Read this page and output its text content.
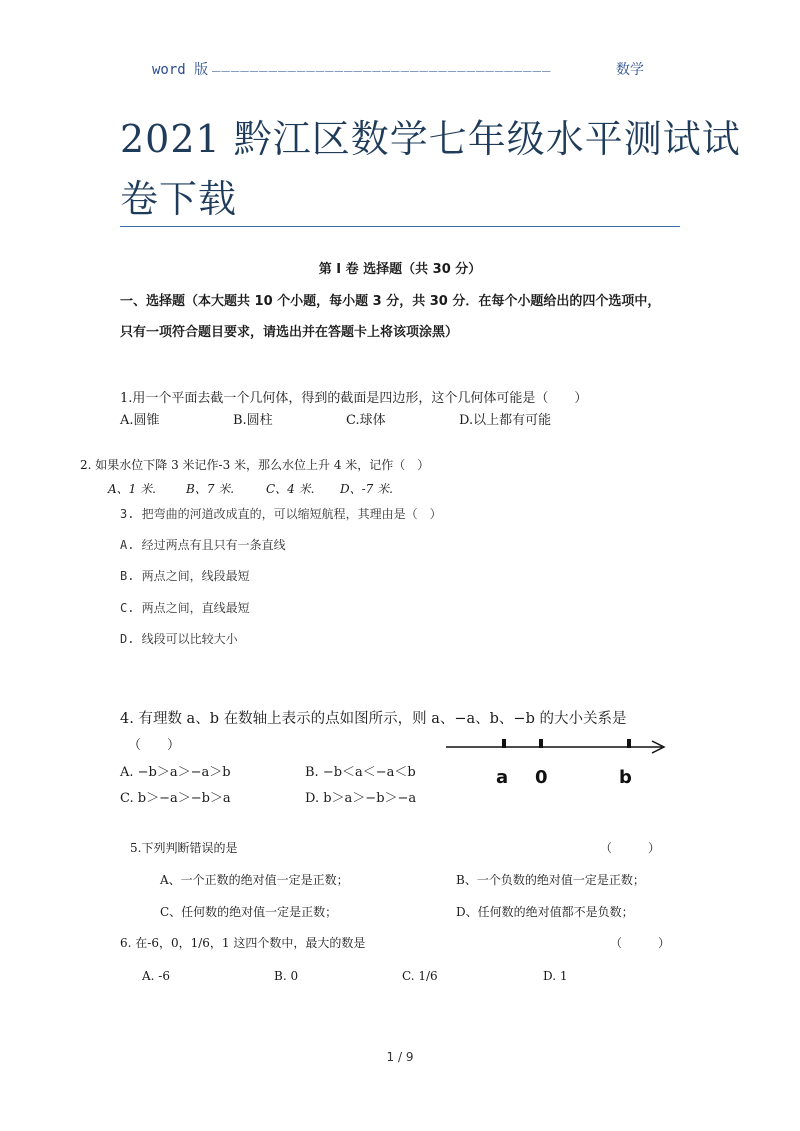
word 版 ____________________________________	数学
2021 黔江区数学七年级水平测试试
卷下载
第 I 卷 选择题（共 30 分）
一、选择题（本大题共 10 个小题，每小题 3 分，共 30 分．在每个小题给出的四个选项中，
只有一项符合题目要求，请选出并在答题卡上将该项涂黑）
1.用一个平面去截一个几何体，得到的截面是四边形，这个几何体可能是（　　）
A.圆锥	B.圆柱	C.球体	D.以上都有可能
2. 如果水位下降 3 米记作-3 米，那么水位上升 4 米，记作（　）
A、1 米.	B、7 米.	C、4 米. D、-7 米.
3. 把弯曲的河道改成直的，可以缩短航程，其理由是（　）
A. 经过两点有且只有一条直线
B. 两点之间，线段最短
C. 两点之间，直线最短
D. 线段可以比较大小
4. 有理数 a、b 在数轴上表示的点如图所示，则 a、−a、b、−b 的大小关系是
（　　）
A. −b＞a＞−a＞b	B. −b＜a＜−a＜b
C. b＞−a＞−b＞a	D. b＞a＞−b＞−a
a 0	b
5.下列判断错误的是	（　　　）
A、一个正数的绝对值一定是正数；	B、一个负数的绝对值一定是正数；
C、任何数的绝对值一定是正数；	D、任何数的绝对值都不是负数；
6. 在-6，0，1/6，1 这四个数中，最大的数是	（　　　）
A. -6	B. 0	C. 1/6	D. 1
1 / 9
